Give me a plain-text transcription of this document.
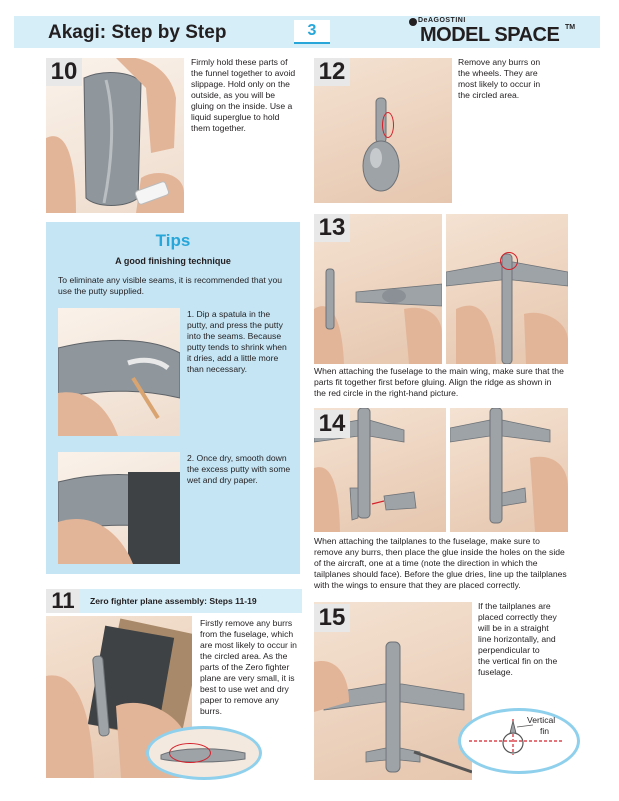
Akagi: Step by Step	3
DeAGOSTINI
MODEL SPACE TM
10	Firmly hold these parts of
the funnel together to avoid
slippage. Hold only on the
outside, as you will be
gluing on the inside. Use a
liquid superglue to hold
them together.
12	Remove any burrs on
the wheels. They are
most likely to occur in
the circled area.
13
When attaching the fuselage to the main wing, make sure that the
parts fit together first before gluing. Align the ridge as shown in
the red circle in the right-hand picture.
14
When attaching the tailplanes to the fuselage, make sure to
remove any burrs, then place the glue inside the holes on the side
of the aircraft, one at a time (note the direction in which the
tailplanes should face). Before the glue dries, line up the tailplanes
with the wings to ensure that they are placed correctly.
15	If the tailplanes are
placed correctly they
will be in a straight
line horizontally, and
perpendicular to
the vertical fin on the
fuselage.
Vertical
fin
Tips
A good finishing technique
To eliminate any visible seams, it is recommended that you
use the putty supplied.
1. Dip a spatula in the
putty, and press the putty
into the seams. Because
putty tends to shrink when
it dries, add a little more
than necessary.
2. Once dry, smooth down
the excess putty with some
wet and dry paper.
11	Zero fighter plane assembly: Steps 11-19
Firstly remove any burrs
from the fuselage, which
are most likely to occur in
the circled area. As the
parts of the Zero fighter
plane are very small, it is
best to use wet and dry
paper to remove any
burrs.
